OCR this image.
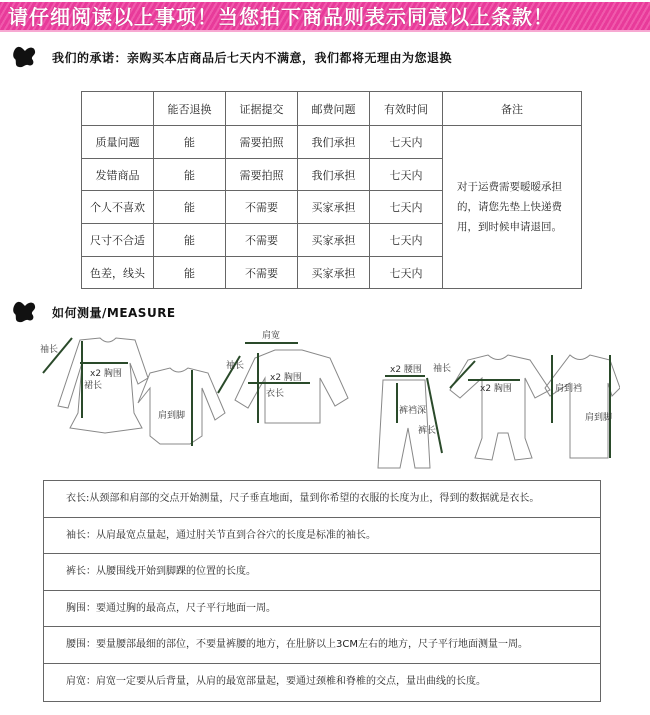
请仔细阅读以上事项！当您拍下商品则表示同意以上条款！
我们的承诺：亲购买本店商品后七天内不满意，我们都将无理由为您退换
	能否退换	证据提交	邮费问题	有效时间	备注
质量问题	能	需要拍照	我们承担	七天内	对于运费需要暧暧承担的，请您先垫上快递费用，到时候申请退回。
发错商品	能	需要拍照	我们承担	七天内	
个人不喜欢	能	不需要	买家承担	七天内	
尺寸不合适	能	不需要	买家承担	七天内	
色差，线头	能	不需要	买家承担	七天内	
如何测量/MEASURE
袖长
x2 胸围
裙长
肩到脚
肩宽
袖长
x2 胸围
衣长
x2 腰围
裤裆深
裤长
袖长
x2 胸围	肩到裆
肩到脚
衣长:从颈部和肩部的交点开始测量，尺子垂直地面，量到你希望的衣服的长度为止，得到的数据就是衣长。
袖长：从肩最宽点量起，通过肘关节直到合谷穴的长度是标准的袖长。
裤长：从腰围线开始到脚踝的位置的长度。
胸围：要通过胸的最高点，尺子平行地面一周。
腰围：要量腰部最细的部位，不要量裤腰的地方，在肚脐以上3CM左右的地方，尺子平行地面测量一周。
肩宽：肩宽一定要从后背量，从肩的最宽部量起，要通过颈椎和脊椎的交点，量出曲线的长度。
